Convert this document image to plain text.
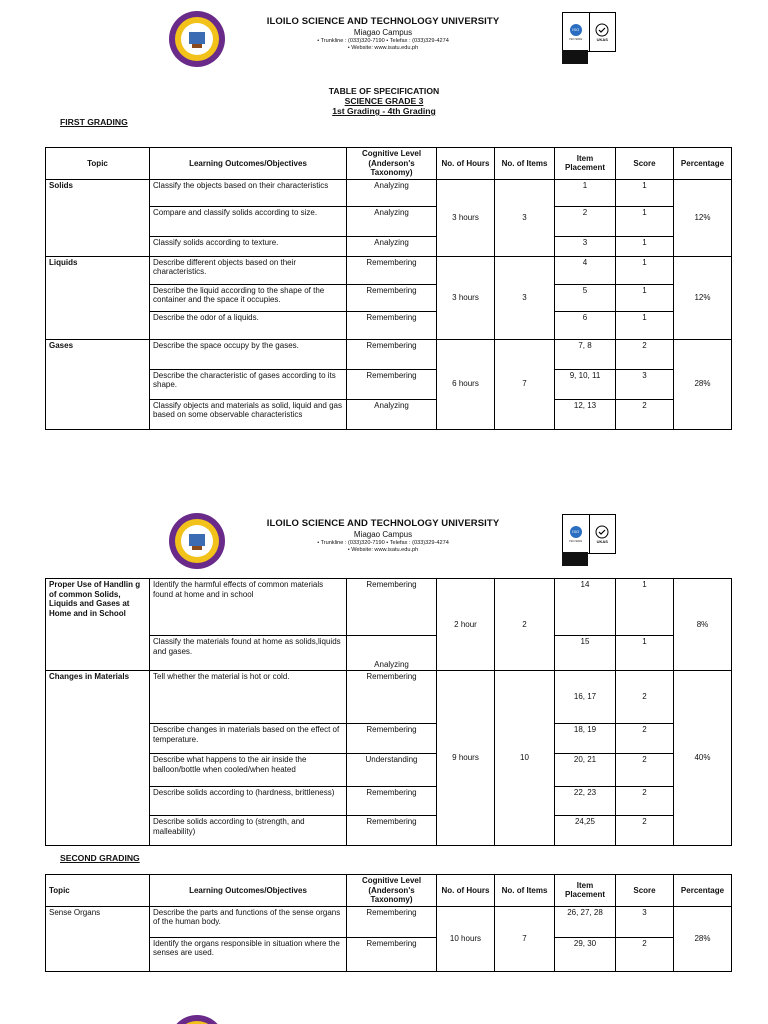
ILOILO SCIENCE AND TECHNOLOGY UNIVERSITY
Miagao Campus
• Trunkline : (033)320-7190 • Telefax : (033)329-4274
• Website: www.isatu.edu.ph
ISO
ISO 9001	UKAS
TABLE OF SPECIFICATION
SCIENCE GRADE 3
1st Grading - 4th Grading
FIRST GRADING
Topic	Learning Outcomes/Objectives	Cognitive Level (Anderson's Taxonomy)	No. of Hours	No. of Items	Item Placement	Score	Percentage
Solids	Classify the objects based on their characteristics	Analyzing	3 hours	3	1	1	12%
	Compare and classify solids according to size.	Analyzing			2	1	
	Classify solids according to texture.	Analyzing			3	1	
Liquids	Describe different objects based on their characteristics.	Remembering	3 hours	3	4	1	12%
	Describe the liquid according to the shape of the container and the space it occupies.	Remembering			5	1	
	Describe the odor of a liquids.	Remembering			6	1	
Gases	Describe the space occupy by the gases.	Remembering	6 hours	7	7, 8	2	28%
	Describe the characteristic of gases according to its shape.	Remembering			9, 10, 11	3	
	Classify objects and materials as solid, liquid and gas based on some observable characteristics	Analyzing			12, 13	2	
ILOILO SCIENCE AND TECHNOLOGY UNIVERSITY
Miagao Campus
• Trunkline : (033)320-7190 • Telefax : (033)329-4274
• Website: www.isatu.edu.ph
ISO
ISO 9001	UKAS
Proper Use of Handlin g of common Solids, Liquids and Gases at Home and in School	Identify the harmful effects of common materials found at home and in school	Remembering	2 hour	2	14	1	8%
	Classify the materials found at home as solids,liquids and gases.	Analyzing			15	1	
Changes in Materials	Tell whether the material is hot or cold.	Remembering	9 hours	10	16, 17	2	40%
	Describe changes in materials based on the effect of temperature.	Remembering			18, 19	2	
	Describe what happens to the air inside the balloon/bottle when cooled/when heated	Understanding			20, 21	2	
	Describe solids according to (hardness, brittleness)	Remembering			22, 23	2	
	Describe solids according to (strength, and malleability)	Remembering			24,25	2	
SECOND GRADING
Topic	Learning Outcomes/Objectives	Cognitive Level (Anderson's Taxonomy)	No. of Hours	No. of Items	Item Placement	Score	Percentage
Sense Organs	Describe the parts and functions of the sense organs of the human body.	Remembering	10 hours	7	26, 27, 28	3	28%
	Identify the organs responsible in situation where the senses are used.	Remembering			29, 30	2	
